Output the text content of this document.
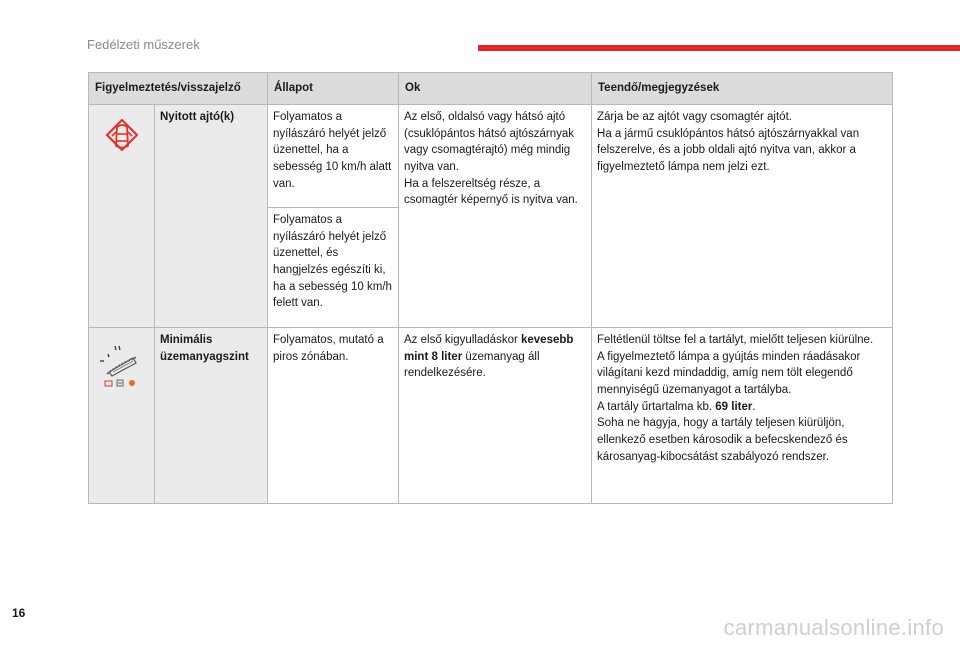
Fedélzeti műszerek
Figyelmeztetés/visszajelző		Állapot	Ok	Teendő/megjegyzések

	Nyitott ajtó(k)	Folyamatos a nyílászáró helyét jelző üzenettel, ha a sebesség 10 km/h alatt van.	Az első, oldalsó vagy hátsó ajtó (csuklópántos hátsó ajtószárnyak vagy csomagtérajtó) még mindig nyitva van.
Ha a felszereltség része, a csomagtér képernyő is nyitva van.	Zárja be az ajtót vagy csomagtér ajtót.
Ha a jármű csuklópántos hátsó ajtószárnyakkal van felszerelve, és a jobb oldali ajtó nyitva van, akkor a figyelmeztető lámpa nem jelzi ezt.
		Folyamatos a nyílászáró helyét jelző üzenettel, és hangjelzés egészíti ki, ha a sebesség 10 km/h felett van.		

	Minimális üzemanyagszint	Folyamatos, mutató a piros zónában.	Az első kigyulladáskor kevesebb mint 8 liter üzemanyag áll rendelkezésére.	Feltétlenül töltse fel a tartályt, mielőtt teljesen kiürülne.
A figyelmeztető lámpa a gyújtás minden ráadásakor világítani kezd mindaddig, amíg nem tölt elegendő mennyiségű üzemanyagot a tartályba.
A tartály űrtartalma kb. 69 liter.
Soha ne hagyja, hogy a tartály teljesen kiürüljön, ellenkező esetben károsodik a befecskendező és károsanyag-kibocsátást szabályozó rendszer.
16
carmanualsonline.info
